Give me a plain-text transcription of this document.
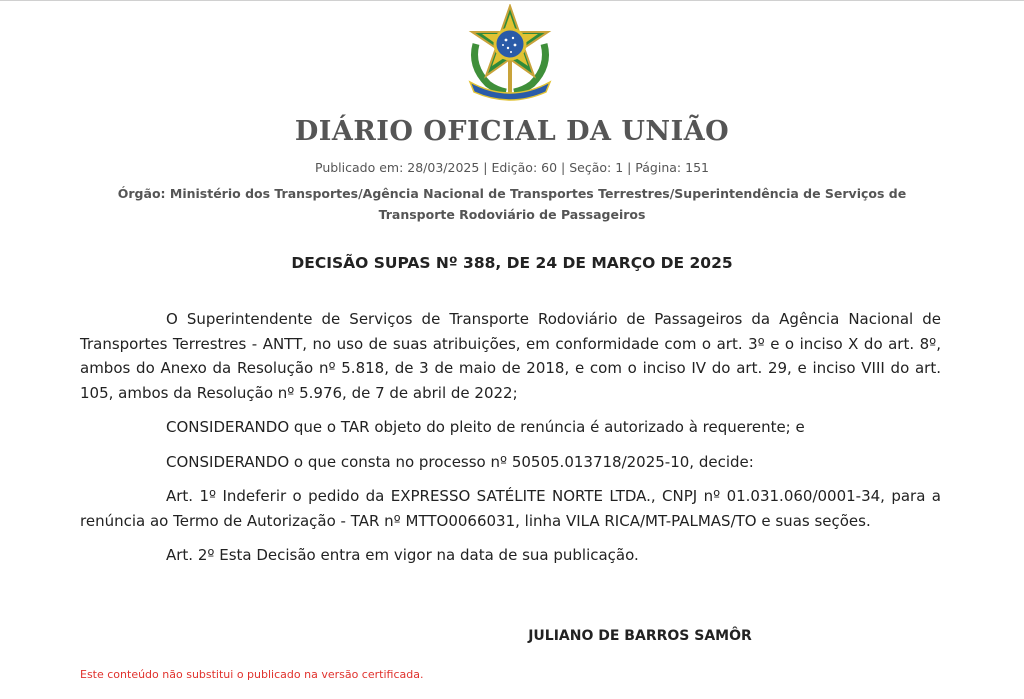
DIÁRIO OFICIAL DA UNIÃO
Publicado em: 28/03/2025 | Edição: 60 | Seção: 1 | Página: 151
Órgão: Ministério dos Transportes/Agência Nacional de Transportes Terrestres/Superintendência de Serviços de Transporte Rodoviário de Passageiros
DECISÃO SUPAS Nº 388, DE 24 DE MARÇO DE 2025

O Superintendente de Serviços de Transporte Rodoviário de Passageiros da Agência Nacional de Transportes Terrestres - ANTT, no uso de suas atribuições, em conformidade com o art. 3º e o inciso X do art. 8º, ambos do Anexo da Resolução nº 5.818, de 3 de maio de 2018, e com o inciso IV do art. 29, e inciso VIII do art. 105, ambos da Resolução nº 5.976, de 7 de abril de 2022;

CONSIDERANDO que o TAR objeto do pleito de renúncia é autorizado à requerente; e

CONSIDERANDO o que consta no processo nº 50505.013718/2025-10, decide:

Art. 1º Indeferir o pedido da EXPRESSO SATÉLITE NORTE LTDA., CNPJ nº 01.031.060/0001-34, para a renúncia ao Termo de Autorização - TAR nº MTTO0066031, linha VILA RICA/MT-PALMAS/TO e suas seções.

Art. 2º Esta Decisão entra em vigor na data de sua publicação.

JULIANO DE BARROS SAMÔR
Este conteúdo não substitui o publicado na versão certificada.
